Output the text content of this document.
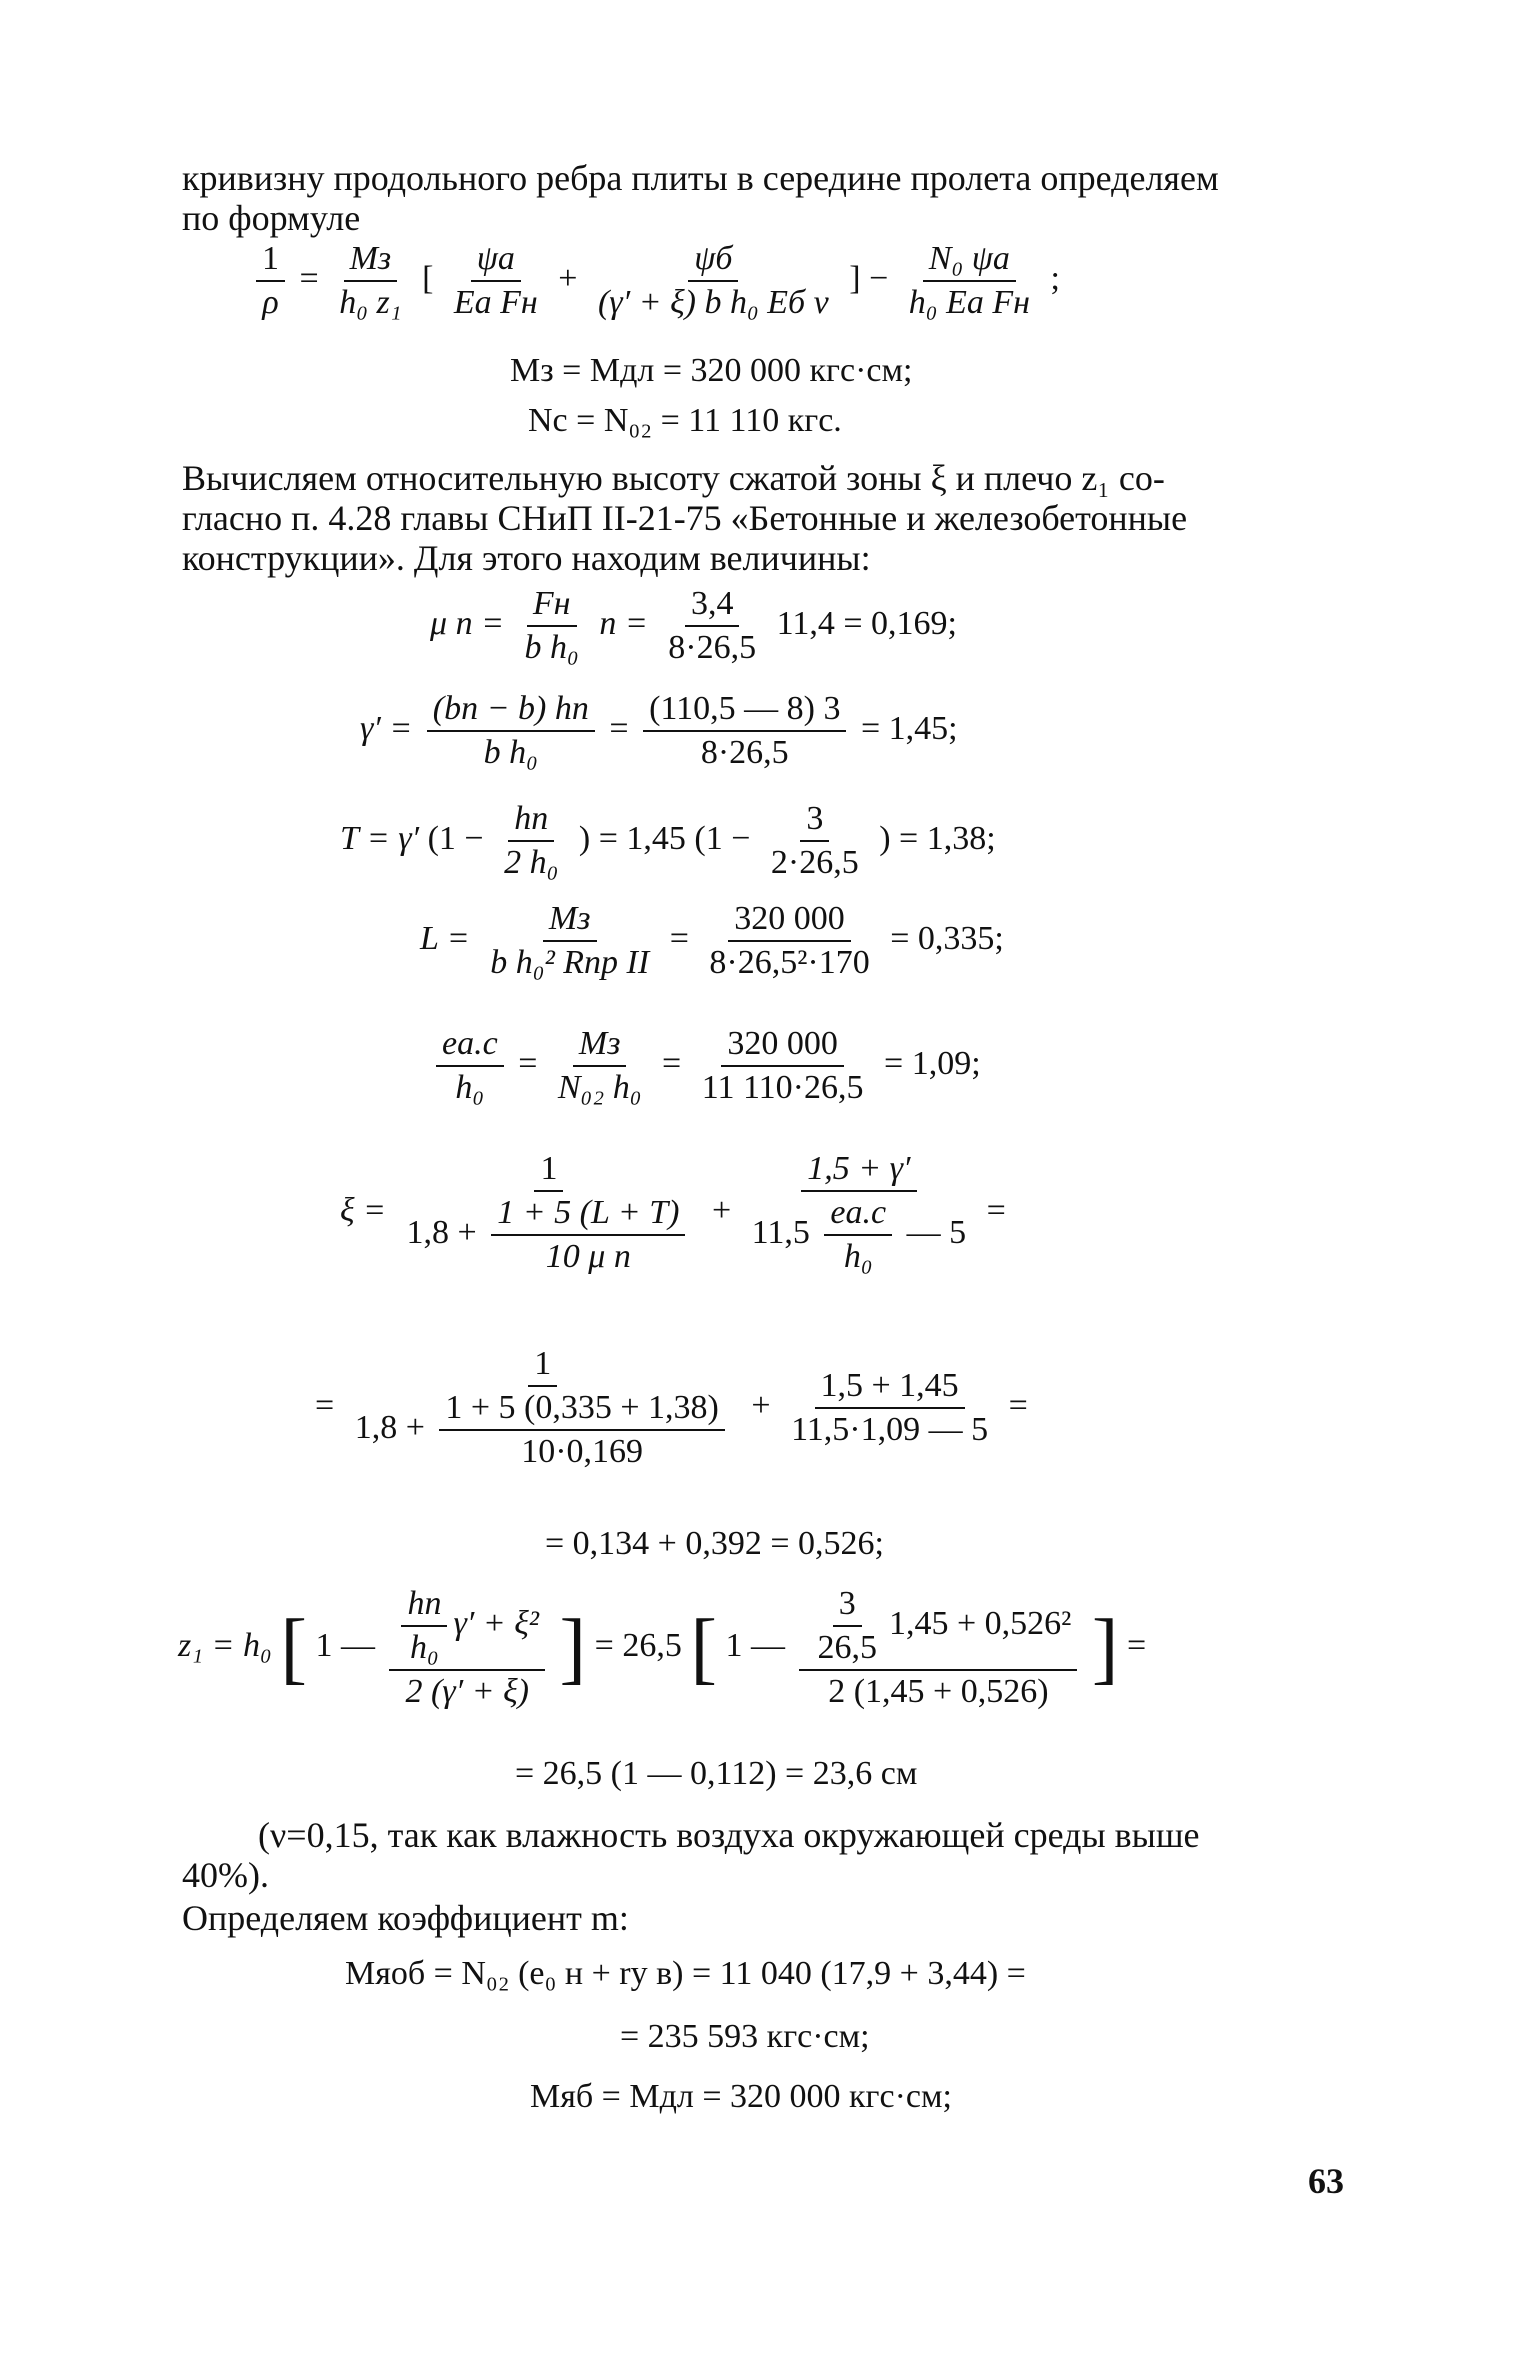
кривизну продольного ребра плиты в середине пролета определяем
по формуле
$\frac{1}{\rho} = \frac{Mз}{\text{h₀ z₁}}$ [ $\frac{\psi а}{\text{Eа Fн}} + \frac{\psi б}{\text{(γ′ + ξ) b h₀ Eб ν}}$ ] − $\frac{\text{N₀ ψа}}{\text{h₀ Eа Fн}}$ ;
Mз = Mдл = 320 000 кгс·см;
Nс = N₀₂ = 11 110 кгс.
Вычисляем относительную высоту сжатой зоны ξ и плечо z₁ со-
гласно п. 4.28 главы СНиП II-21-75 «Бетонные и железобетонные
конструкции». Для этого находим величины:
μ $n = \frac{Fн}{\text{b h₀}}$ $n = \frac{3,4}{8\cdot 26,5} 11,4 = 0,169$;
$\gamma' = \frac{(bп - b) hп}{\text{b h₀}} = \frac{(110,5 — 8) 3}{8\cdot 26,5} = 1,45$;
T = γ′ ($1 - \frac{hп}{\text{2 h₀}}$ ) = 1,45 ($1 - \frac{3}{2\cdot 26,5}$ ) = 1,38;
$L = \frac{Mз}{\text{b h₀² Rпр II}} = \frac{320 000}{\text{8·26,5²·170}} = 0,335$;
$\frac{eа.с}{\text{h₀}} = \frac{Mз}{\text{N₀₂ h₀}} = \frac{320 000}{11 110\cdot 26,5} = 1,09$;
$\xi = \frac{1}{1,8 + \frac{1 + 5 (L + T)}{\text{10 μ n}}} + \frac{1,5 + \gamma'}{11,5 \frac{eа.с}{\text{h₀}} — 5}$ =
= $\frac{1}{1,8 + \frac{1 + 5 (0,335 + 1,38)}{10\cdot 0,169}} + \frac{1,5 + 1,45}{11,5\cdot 1,09 — 5}$ =
= 0,134 + 0,392 = 0,526;
z₁ = h₀ [ 1 — $\frac{\frac{hп}{\text{h₀}} \gamma' + \xi^2}{2 (\gamma' + \xi)}$ ] = 26,5 [ 1 — $\frac{\frac{3}{26,5} 1,45 + 0,526^2}{2 (1,45 + 0,526)}$ ] =
= 26,5 (1 — 0,112) = 23,6 см
(ν=0,15, так как влажность воздуха окружающей среды выше
40%).
Определяем коэффициент m:
Mяоб = N₀₂ (e₀ н + ry в) = 11 040 (17,9 + 3,44) =
= 235 593 кгс·см;
Mяб = Mдл = 320 000 кгс·см;
63
